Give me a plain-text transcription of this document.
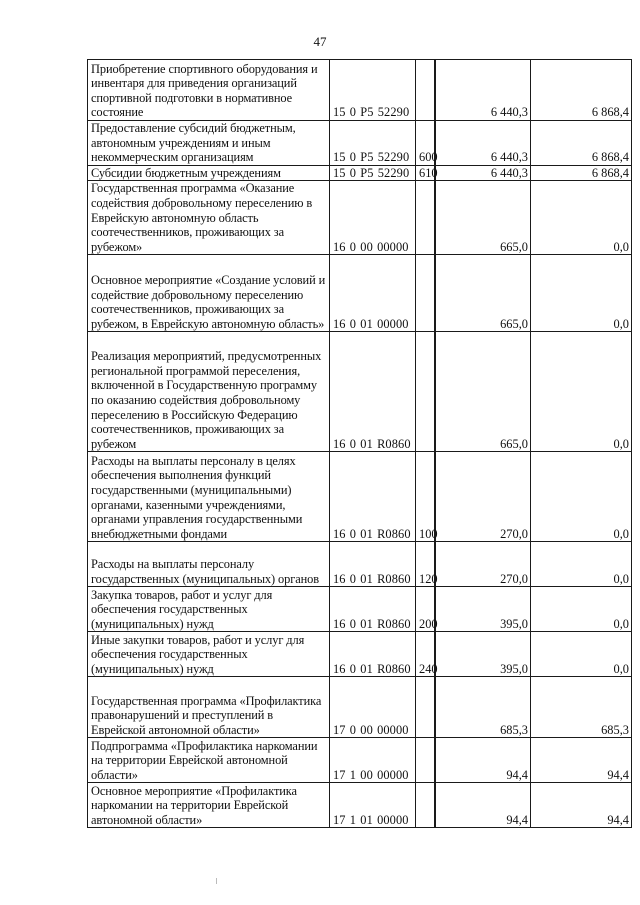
47
Приобретение спортивного оборудования и инвентаря для приведения организаций спортивной подготовки в нормативное состояние	15 0 P5 52290			6 440,3	6 868,4
Предоставление субсидий бюджетным, автономным учреждениям и иным некоммерческим организациям	15 0 P5 52290	600		6 440,3	6 868,4
Субсидии бюджетным учреждениям	15 0 P5 52290	610		6 440,3	6 868,4
Государственная программа «Оказание содействия добровольному переселению в Еврейскую автономную область соотечественников, проживающих за рубежом»	16 0 00 00000			665,0	0,0
Основное мероприятие «Создание условий и содействие добровольному переселению соотечественников, проживающих за рубежом, в Еврейскую автономную область»	16 0 01 00000			665,0	0,0
Реализация мероприятий, предусмотренных региональной программой переселения, включенной в Государственную программу по оказанию содействия добровольному переселению в Российскую Федерацию соотечественников, проживающих за рубежом	16 0 01 R0860			665,0	0,0
Расходы на выплаты персоналу в целях обеспечения выполнения функций государственными (муниципальными) органами, казенными учреждениями, органами управления государственными внебюджетными фондами	16 0 01 R0860	100		270,0	0,0
Расходы на выплаты персоналу государственных (муниципальных) органов	16 0 01 R0860	120		270,0	0,0
Закупка товаров, работ и услуг для обеспечения государственных (муниципальных) нужд	16 0 01 R0860	200		395,0	0,0
Иные закупки товаров, работ и услуг для обеспечения государственных (муниципальных) нужд	16 0 01 R0860	240		395,0	0,0
Государственная программа «Профилактика правонарушений и преступлений в Еврейской автономной области»	17 0 00 00000			685,3	685,3
Подпрограмма «Профилактика наркомании на территории Еврейской автономной области»	17 1 00 00000			94,4	94,4
Основное мероприятие «Профилактика наркомании на территории Еврейской автономной области»	17 1 01 00000			94,4	94,4
